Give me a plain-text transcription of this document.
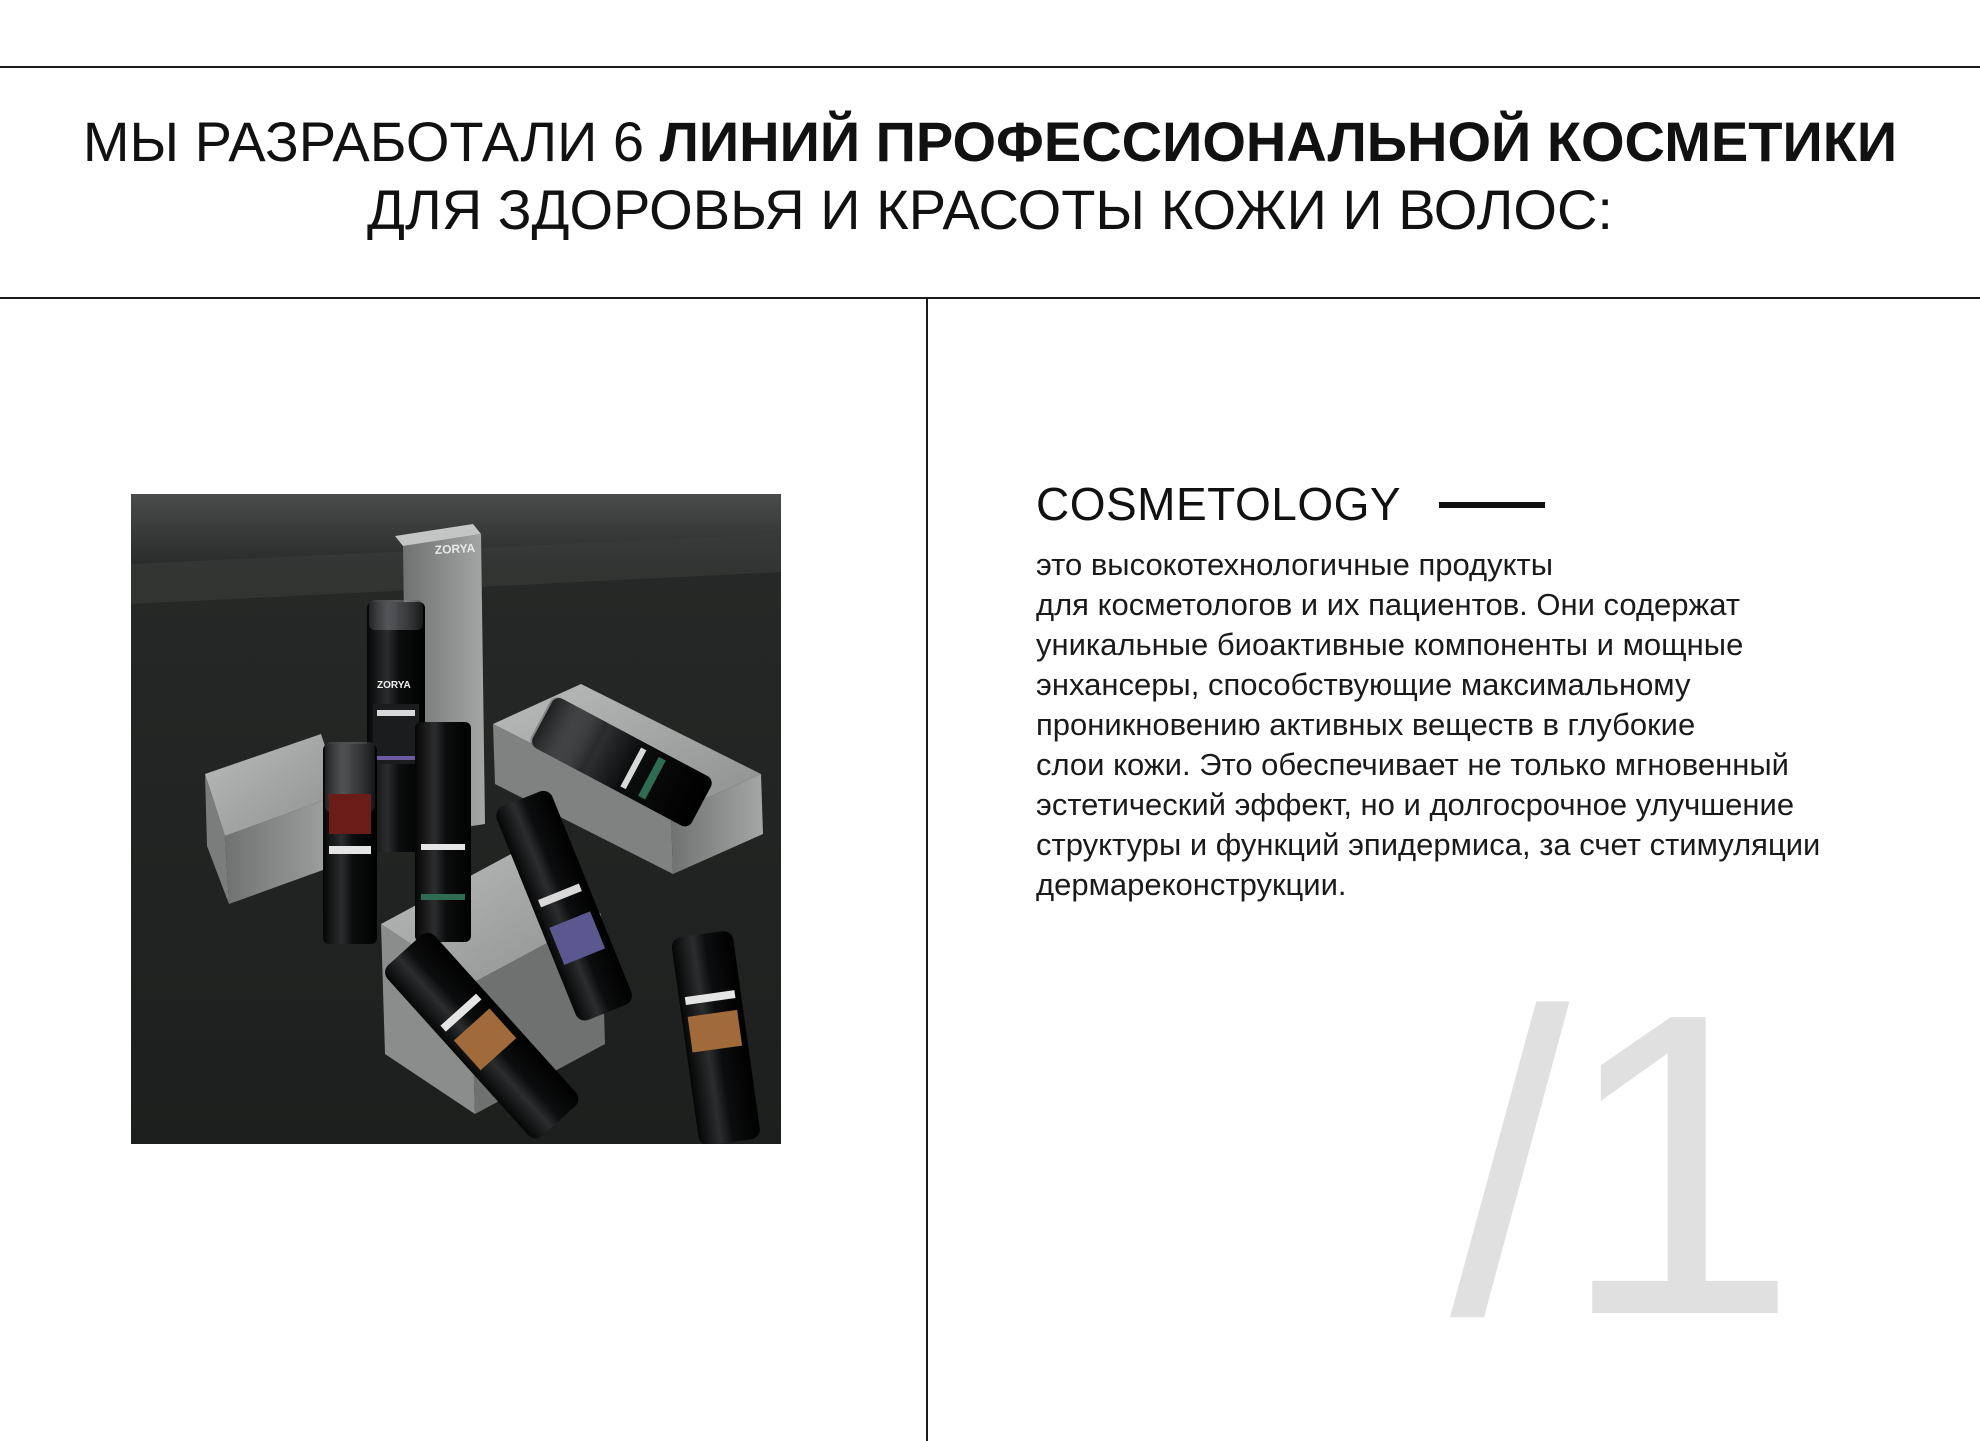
МЫ РАЗРАБОТАЛИ 6 ЛИНИЙ ПРОФЕССИОНАЛЬНОЙ КОСМЕТИКИ
ДЛЯ ЗДОРОВЬЯ И КРАСОТЫ КОЖИ И ВОЛОС:
ZORYA
ZORYA
COSMETOLOGY
это высокотехнологичные продукты
для косметологов и их пациентов. Они содержат
уникальные биоактивные компоненты и мощные
энхансеры, способствующие максимальному
проникновению активных веществ в глубокие
слои кожи. Это обеспечивает не только мгновенный
эстетический эффект, но и долгосрочное улучшение
структуры и функций эпидермиса, за счет стимуляции
дермареконструкции.
/1
